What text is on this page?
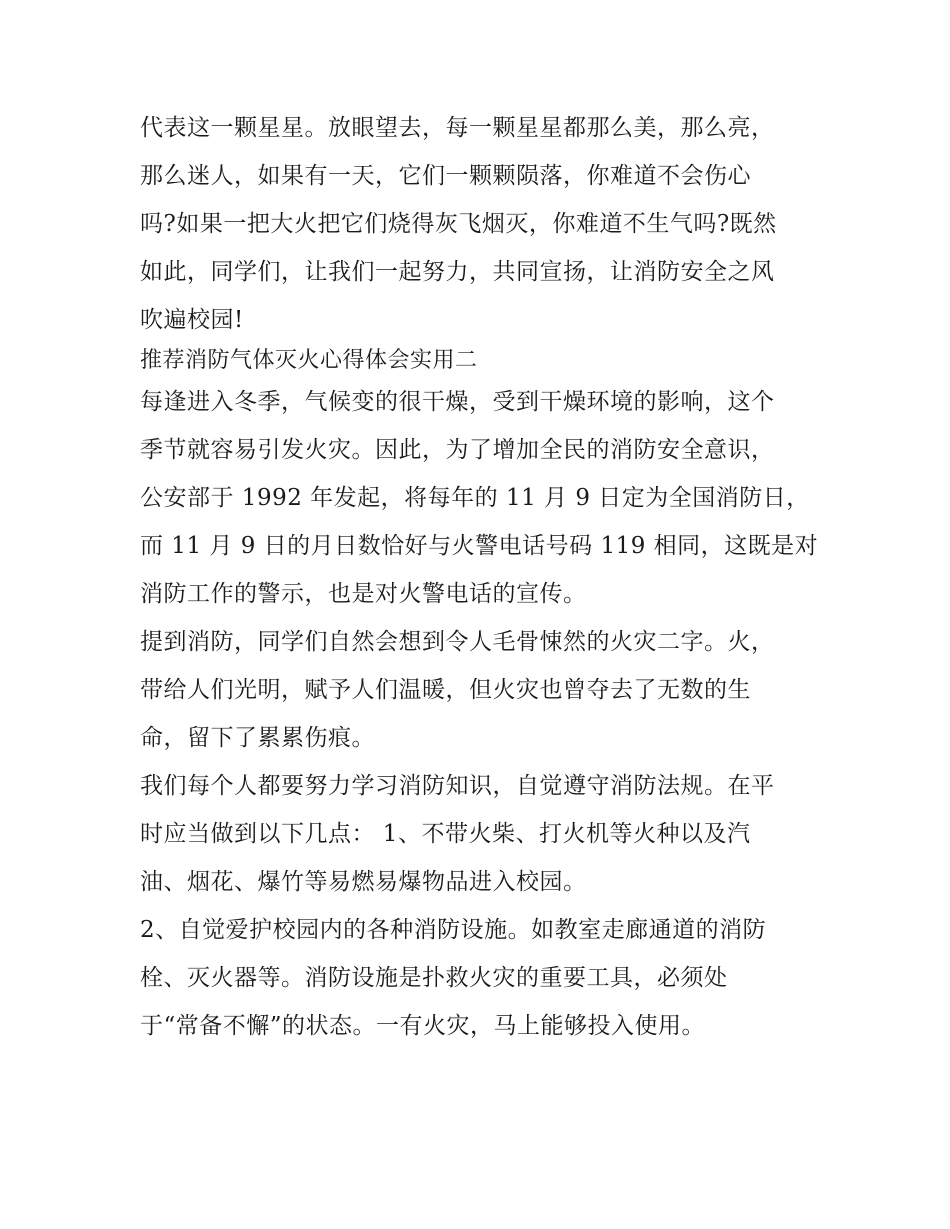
代表这一颗星星。放眼望去，每一颗星星都那么美，那么亮，
那么迷人，如果有一天，它们一颗颗陨落，你难道不会伤心
吗?如果一把大火把它们烧得灰飞烟灭，你难道不生气吗?既然
如此，同学们，让我们一起努力，共同宣扬，让消防安全之风
吹遍校园!
推荐消防气体灭火心得体会实用二
每逢进入冬季，气候变的很干燥，受到干燥环境的影响，这个
季节就容易引发火灾。因此，为了增加全民的消防安全意识，
公安部于 1992 年发起，将每年的 11 月 9 日定为全国消防日，
而 11 月 9 日的月日数恰好与火警电话号码 119 相同，这既是对
消防工作的警示，也是对火警电话的宣传。
提到消防，同学们自然会想到令人毛骨悚然的火灾二字。火，
带给人们光明，赋予人们温暖，但火灾也曾夺去了无数的生
命，留下了累累伤痕。
我们每个人都要努力学习消防知识，自觉遵守消防法规。在平
时应当做到以下几点： 1、不带火柴、打火机等火种以及汽
油、烟花、爆竹等易燃易爆物品进入校园。
2、自觉爱护校园内的各种消防设施。如教室走廊通道的消防
栓、灭火器等。消防设施是扑救火灾的重要工具，必须处
于“常备不懈”的状态。一有火灾，马上能够投入使用。
